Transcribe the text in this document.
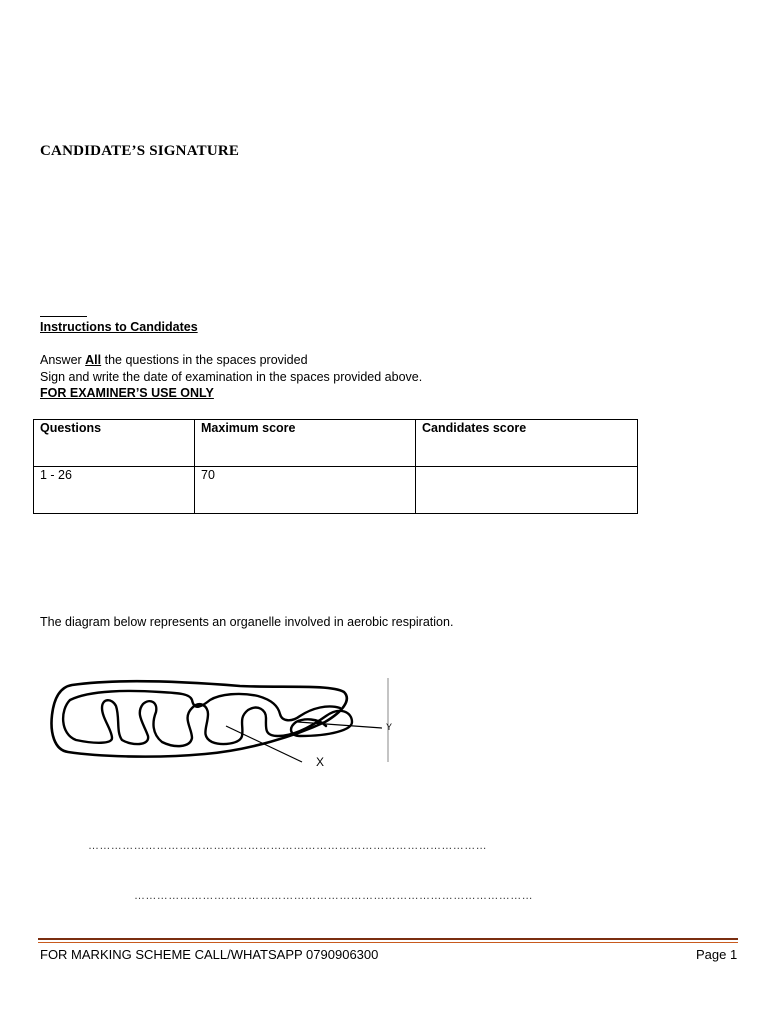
CANDIDATE’S SIGNATURE
Instructions to Candidates
Answer All the questions in the spaces provided
Sign and write the date of examination in the spaces provided above.
FOR EXAMINER’S USE ONLY
Questions	Maximum score	Candidates score
1 - 26	70	
The diagram below represents an organelle involved in aerobic respiration.
X
Y
……………………………………………………………………………………………
……………………………………………………………………………………………
FOR MARKING SCHEME CALL/WHATSAPP 0790906300	Page 1
